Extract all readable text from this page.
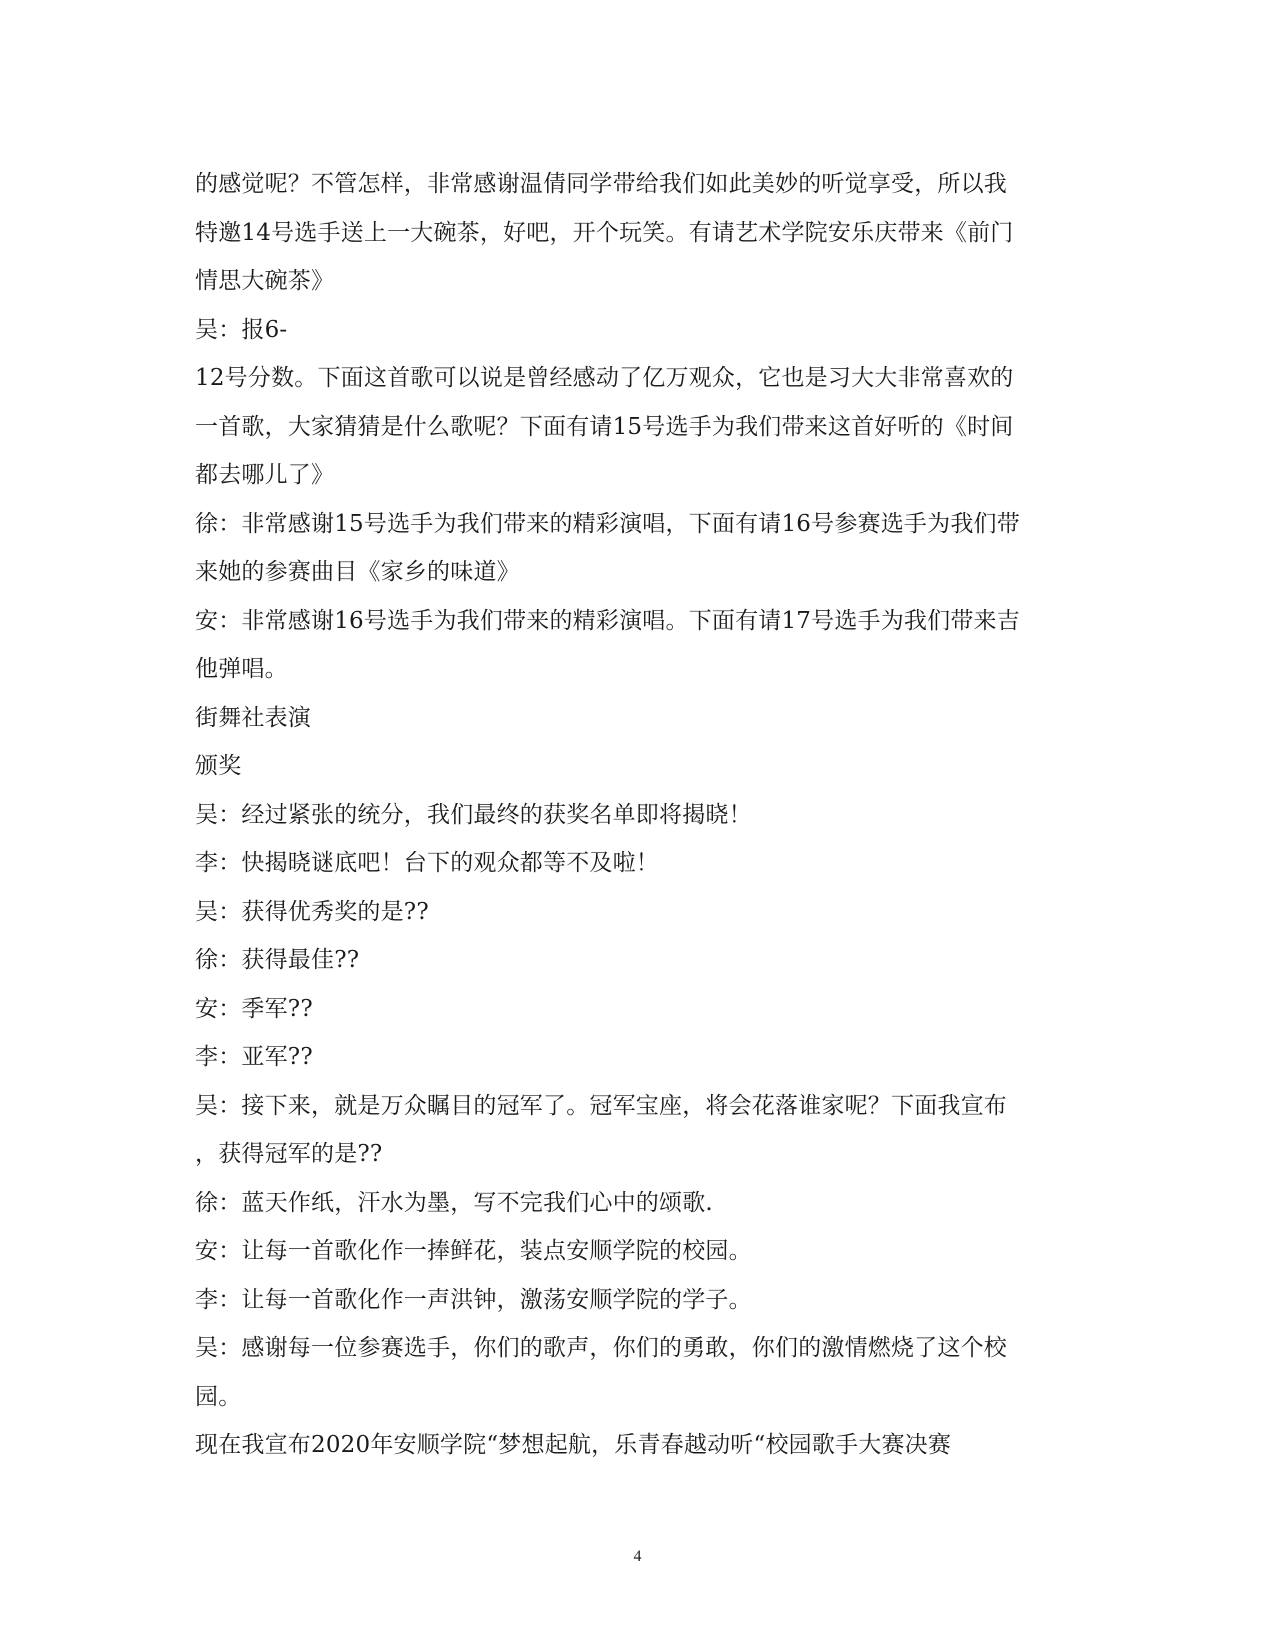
的感觉呢？不管怎样，非常感谢温倩同学带给我们如此美妙的听觉享受，所以我
特邀14号选手送上一大碗茶，好吧，开个玩笑。有请艺术学院安乐庆带来《前门
情思大碗茶》
吴：报6-
12号分数。下面这首歌可以说是曾经感动了亿万观众，它也是习大大非常喜欢的
一首歌，大家猜猜是什么歌呢？下面有请15号选手为我们带来这首好听的《时间
都去哪儿了》
徐：非常感谢15号选手为我们带来的精彩演唱，下面有请16号参赛选手为我们带
来她的参赛曲目《家乡的味道》
安：非常感谢16号选手为我们带来的精彩演唱。下面有请17号选手为我们带来吉
他弹唱。
街舞社表演
颁奖
吴：经过紧张的统分，我们最终的获奖名单即将揭晓！
李：快揭晓谜底吧！台下的观众都等不及啦！
吴：获得优秀奖的是??
徐：获得最佳??
安：季军??
李：亚军??
吴：接下来，就是万众瞩目的冠军了。冠军宝座，将会花落谁家呢？下面我宣布
，获得冠军的是??
徐：蓝天作纸，汗水为墨，写不完我们心中的颂歌.
安：让每一首歌化作一捧鲜花，装点安顺学院的校园。
李：让每一首歌化作一声洪钟，激荡安顺学院的学子。
吴：感谢每一位参赛选手，你们的歌声，你们的勇敢，你们的激情燃烧了这个校
园。
现在我宣布2020年安顺学院“梦想起航，乐青春越动听“校园歌手大赛决赛
4
